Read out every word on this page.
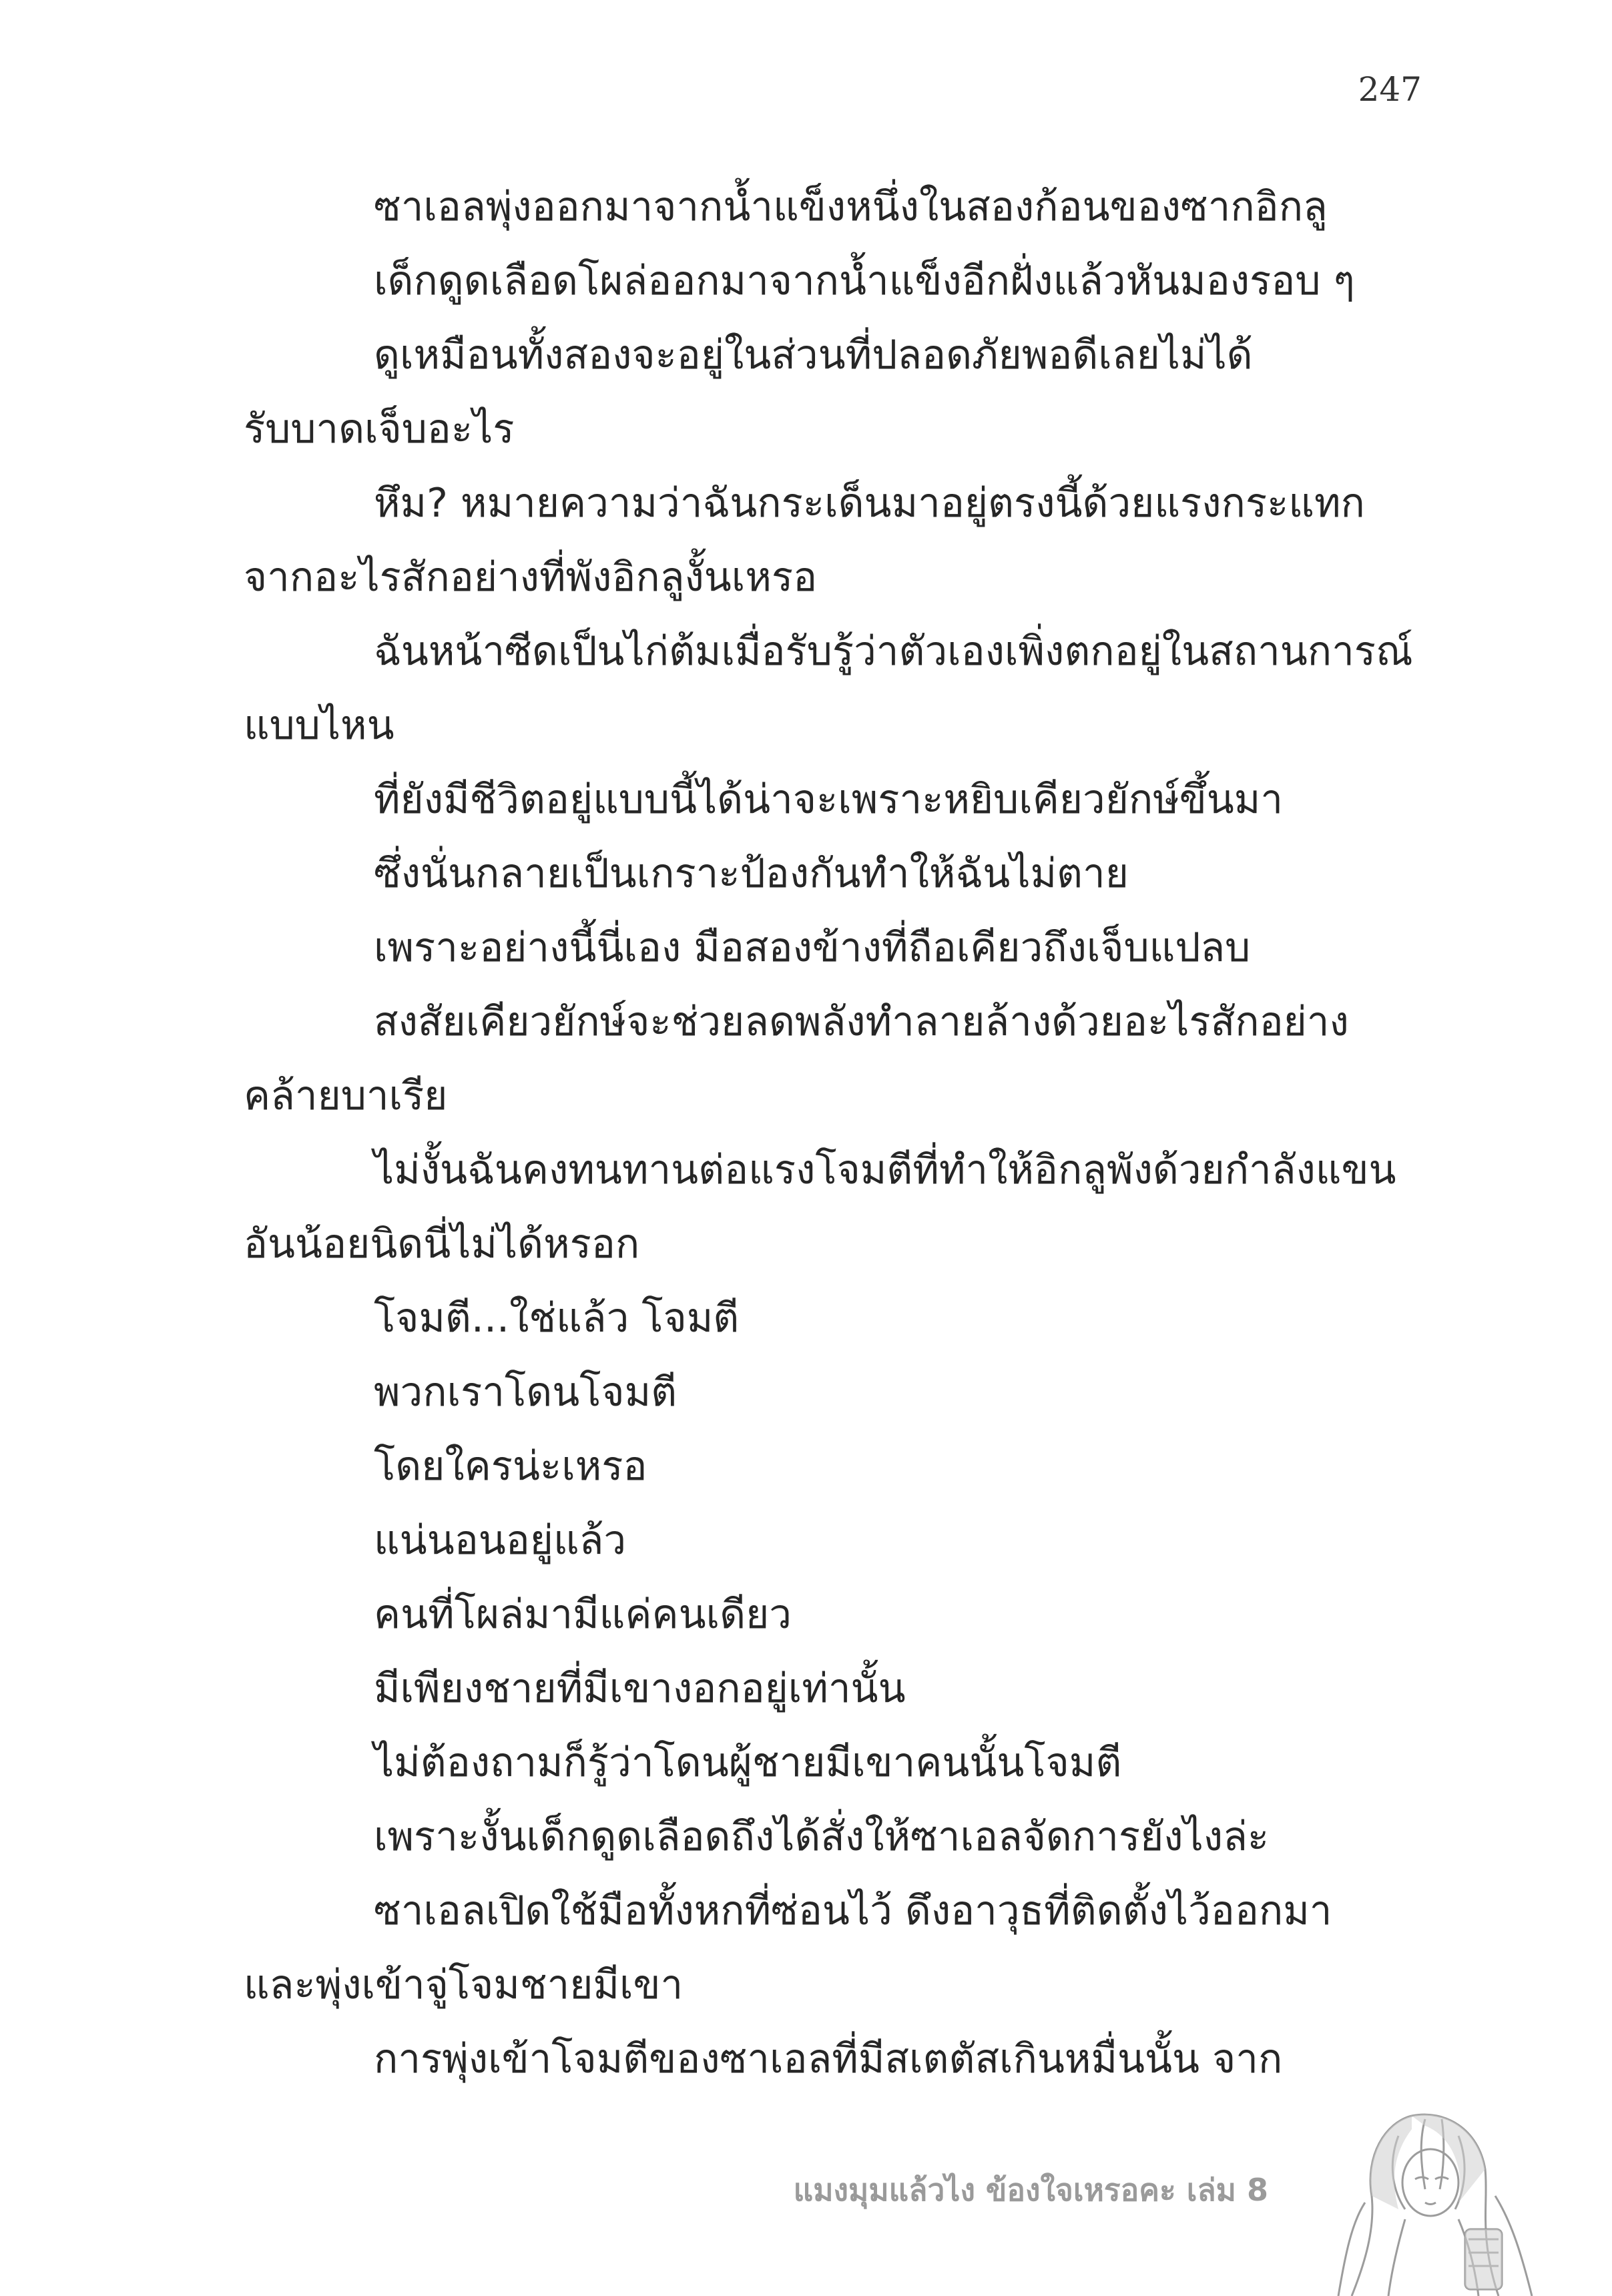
247
ซาเอลพุ่งออกมาจากน้ำแข็งหนึ่งในสองก้อนของซากอิกลู
เด็กดูดเลือดโผล่ออกมาจากน้ำแข็งอีกฝั่งแล้วหันมองรอบ ๆ
ดูเหมือนทั้งสองจะอยู่ในส่วนที่ปลอดภัยพอดีเลยไม่ได้
รับบาดเจ็บอะไร
หึม? หมายความว่าฉันกระเด็นมาอยู่ตรงนี้ด้วยแรงกระแทก
จากอะไรสักอย่างที่พังอิกลูงั้นเหรอ
ฉันหน้าซีดเป็นไก่ต้มเมื่อรับรู้ว่าตัวเองเพิ่งตกอยู่ในสถานการณ์
แบบไหน
ที่ยังมีชีวิตอยู่แบบนี้ได้น่าจะเพราะหยิบเคียวยักษ์ขึ้นมา
ซึ่งนั่นกลายเป็นเกราะป้องกันทำให้ฉันไม่ตาย
เพราะอย่างนี้นี่เอง มือสองข้างที่ถือเคียวถึงเจ็บแปลบ
สงสัยเคียวยักษ์จะช่วยลดพลังทำลายล้างด้วยอะไรสักอย่าง
คล้ายบาเรีย
ไม่งั้นฉันคงทนทานต่อแรงโจมตีที่ทำให้อิกลูพังด้วยกำลังแขน
อันน้อยนิดนี่ไม่ได้หรอก
โจมตี...ใช่แล้ว โจมตี
พวกเราโดนโจมตี
โดยใครน่ะเหรอ
แน่นอนอยู่แล้ว
คนที่โผล่มามีแค่คนเดียว
มีเพียงชายที่มีเขางอกอยู่เท่านั้น
ไม่ต้องถามก็รู้ว่าโดนผู้ชายมีเขาคนนั้นโจมตี
เพราะงั้นเด็กดูดเลือดถึงได้สั่งให้ซาเอลจัดการยังไงล่ะ
ซาเอลเปิดใช้มือทั้งหกที่ซ่อนไว้ ดึงอาวุธที่ติดตั้งไว้ออกมา
และพุ่งเข้าจู่โจมชายมีเขา
การพุ่งเข้าโจมตีของซาเอลที่มีสเตตัสเกินหมื่นนั้น จาก
แมงมุมแล้วไง ข้องใจเหรอคะ เล่ม 8
